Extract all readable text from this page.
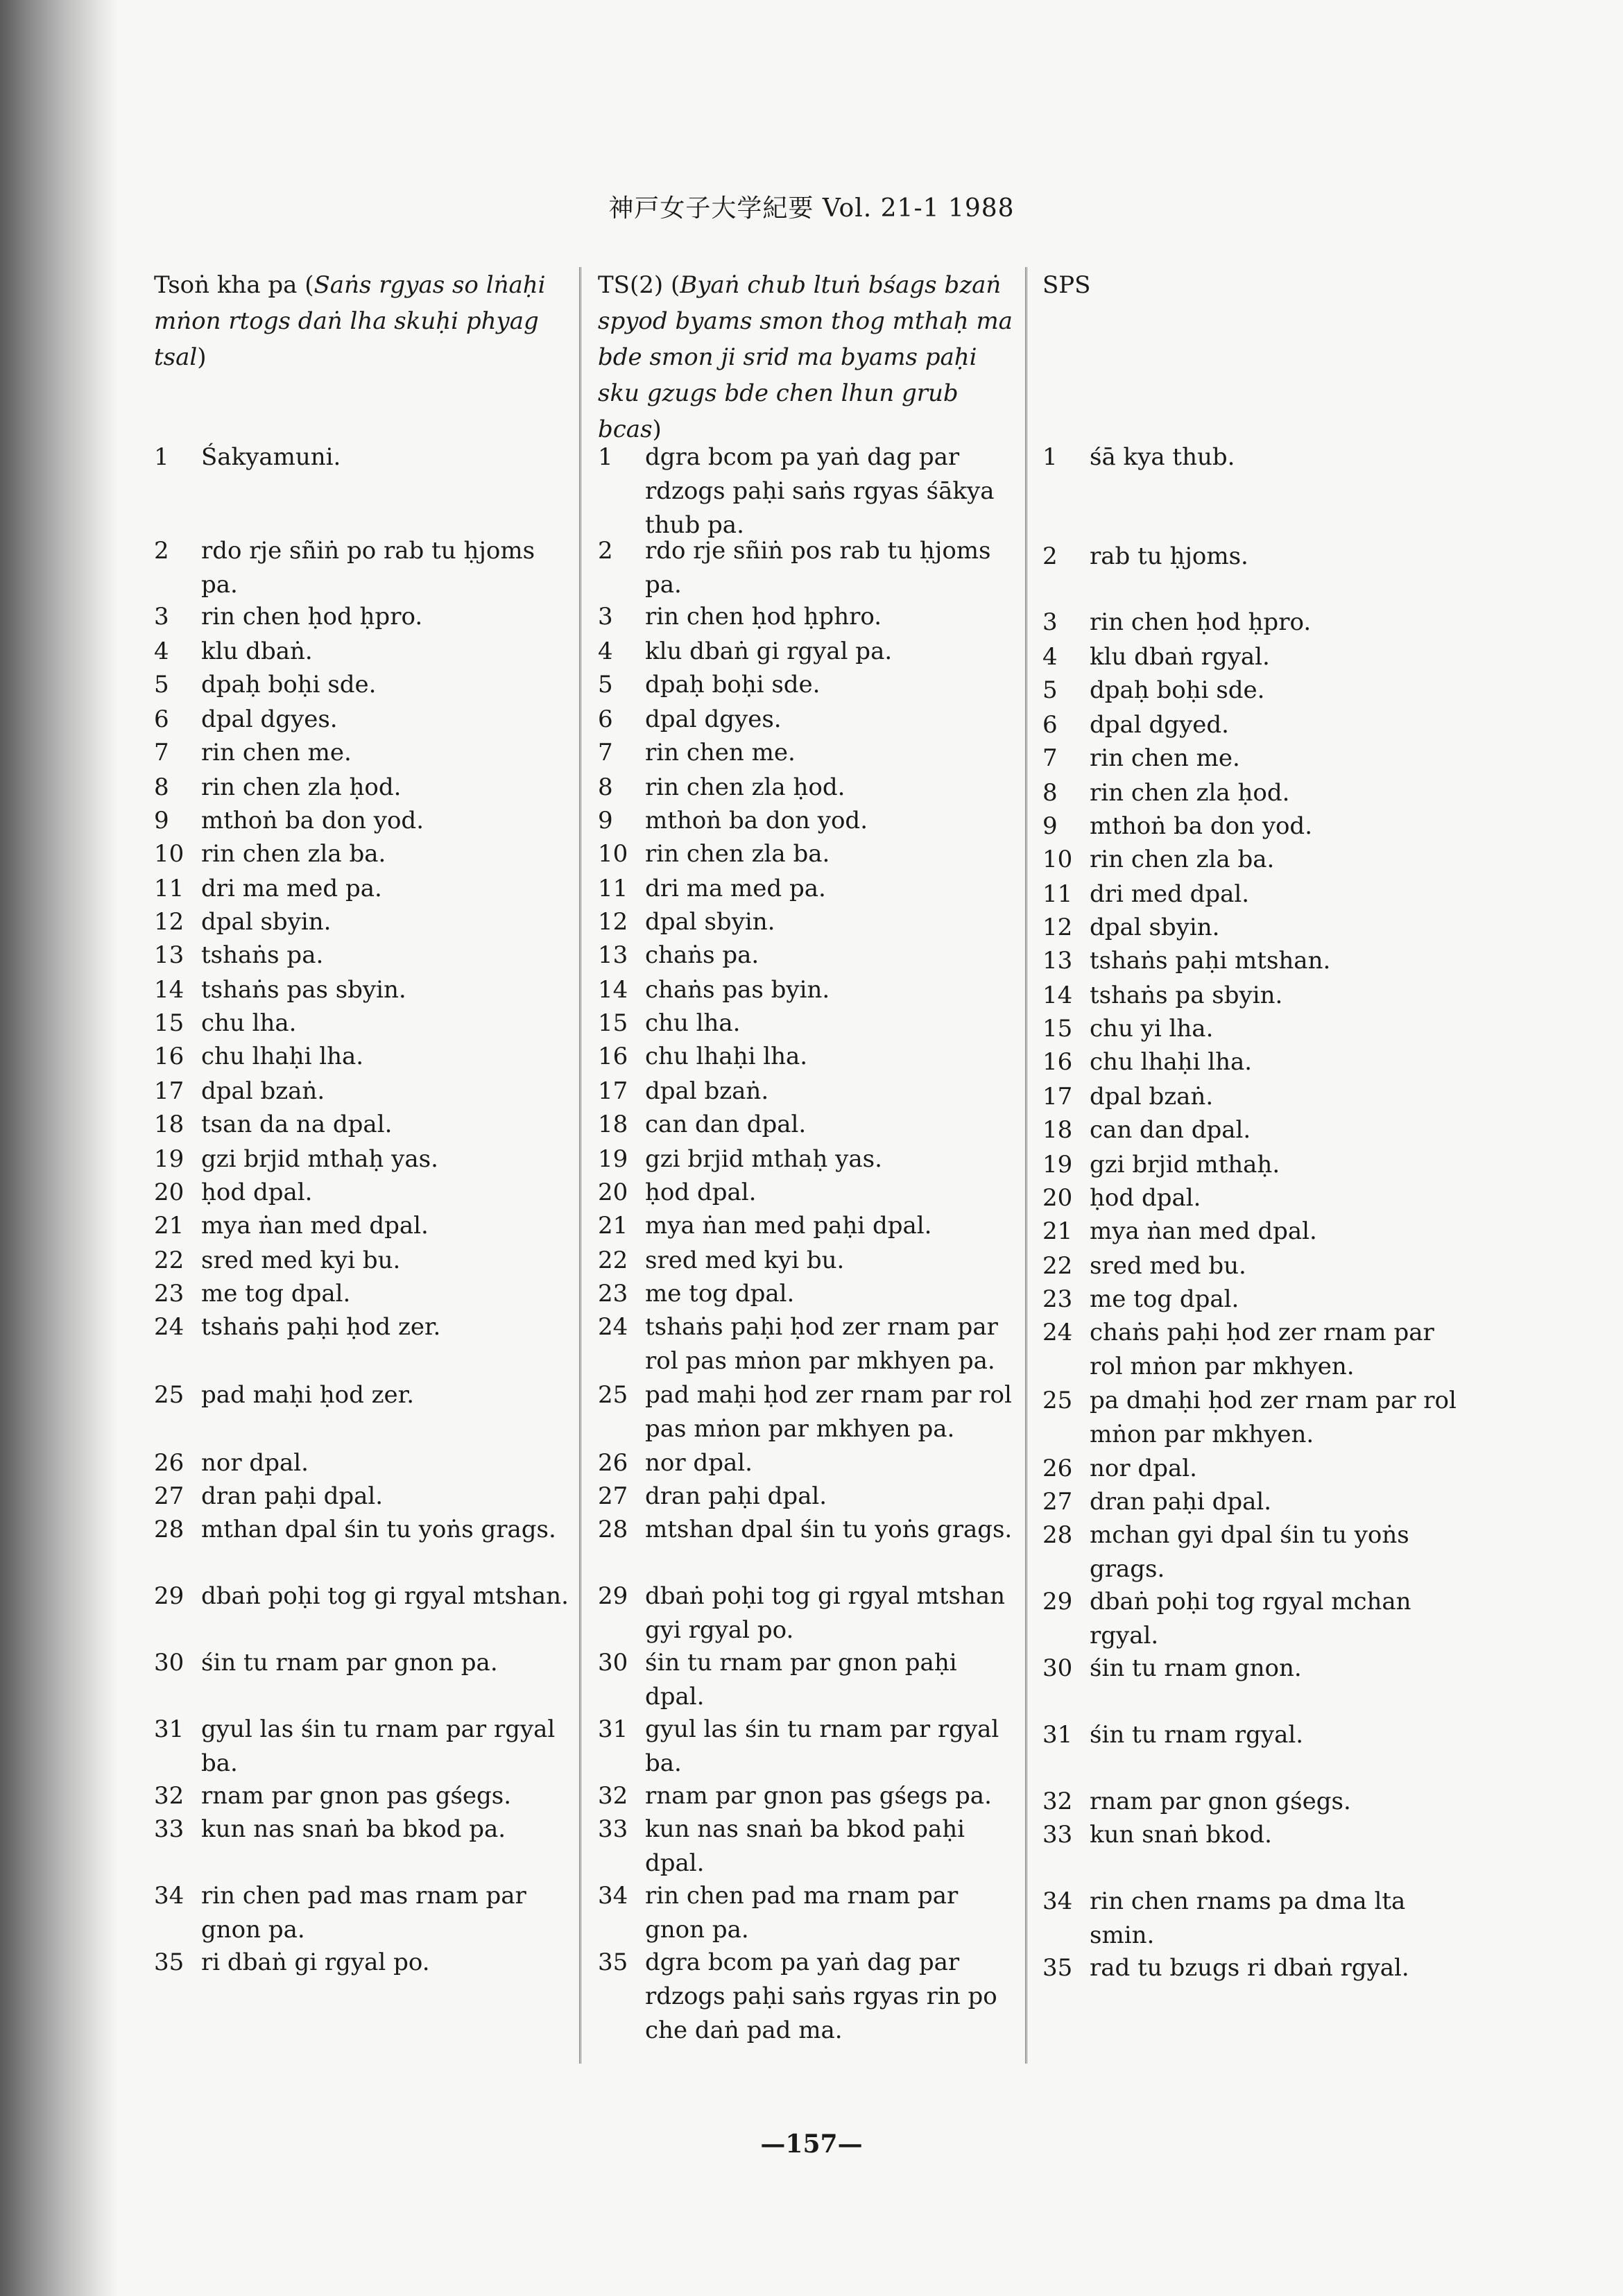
神戸女子大学紀要 Vol. 21-1 1988

Tsoṅ kha pa (Saṅs rgyas so lṅaḥi mṅon rtogs daṅ lha skuḥi phyag tsal)

1	Śakyamuni.
2	rdo rje sñiṅ po rab tu ḥjoms pa.
3	rin chen ḥod ḥpro.
4	klu dbaṅ.
5	dpaḥ boḥi sde.
6	dpal dgyes.
7	rin chen me.
8	rin chen zla ḥod.
9	mthoṅ ba don yod.
10 rin chen zla ba.
11 dri ma med pa.
12 dpal sbyin.
13 tshaṅs pa.
14 tshaṅs pas sbyin.
15 chu lha.
16 chu lhaḥi lha.
17 dpal bzaṅ.
18 tsan da na dpal.
19 gzi brjid mthaḥ yas.
20 ḥod dpal.
21 mya ṅan med dpal.
22 sred med kyi bu.
23 me tog dpal.
24 tshaṅs paḥi ḥod zer.
25 pad maḥi ḥod zer.
26 nor dpal.
27 dran paḥi dpal.
28 mthan dpal śin tu yoṅs grags.
29 dbaṅ poḥi tog gi rgyal mtshan.
30 śin tu rnam par gnon pa.
31 gyul las śin tu rnam par rgyal ba.
32 rnam par gnon pas gśegs.
33 kun nas snaṅ ba bkod pa.
34 rin chen pad mas rnam par gnon pa.
35 ri dbaṅ gi rgyal po.

TS(2) (Byaṅ chub ltuṅ bśags bzaṅ spyod byams smon thog mthaḥ ma bde smon ji srid ma byams paḥi sku gzugs bde chen lhun grub bcas)

1	dgra bcom pa yaṅ dag par rdzogs paḥi saṅs rgyas śākya thub pa.
2	rdo rje sñiṅ pos rab tu ḥjoms pa.
3	rin chen ḥod ḥphro.
4	klu dbaṅ gi rgyal pa.
5	dpaḥ boḥi sde.
6	dpal dgyes.
7	rin chen me.
8	rin chen zla ḥod.
9	mthoṅ ba don yod.
10 rin chen zla ba.
11 dri ma med pa.
12 dpal sbyin.
13 chaṅs pa.
14 chaṅs pas byin.
15 chu lha.
16 chu lhaḥi lha.
17 dpal bzaṅ.
18 can dan dpal.
19 gzi brjid mthaḥ yas.
20 ḥod dpal.
21 mya ṅan med paḥi dpal.
22 sred med kyi bu.
23 me tog dpal.
24 tshaṅs paḥi ḥod zer rnam par rol pas mṅon par mkhyen pa.
25 pad maḥi ḥod zer rnam par rol pas mṅon par mkhyen pa.
26 nor dpal.
27 dran paḥi dpal.
28 mtshan dpal śin tu yoṅs grags.
29 dbaṅ poḥi tog gi rgyal mtshan gyi rgyal po.
30 śin tu rnam par gnon paḥi dpal.
31 gyul las śin tu rnam par rgyal ba.
32 rnam par gnon pas gśegs pa.
33 kun nas snaṅ ba bkod paḥi dpal.
34 rin chen pad ma rnam par gnon pa.
35 dgra bcom pa yaṅ dag par rdzogs paḥi saṅs rgyas rin po che daṅ pad ma.

SPS

1	śā kya thub.
2	rab tu ḥjoms.
3	rin chen ḥod ḥpro.
4	klu dbaṅ rgyal.
5	dpaḥ boḥi sde.
6	dpal dgyed.
7	rin chen me.
8	rin chen zla ḥod.
9	mthoṅ ba don yod.
10 rin chen zla ba.
11 dri med dpal.
12 dpal sbyin.
13 tshaṅs paḥi mtshan.
14 tshaṅs pa sbyin.
15 chu yi lha.
16 chu lhaḥi lha.
17 dpal bzaṅ.
18 can dan dpal.
19 gzi brjid mthaḥ.
20 ḥod dpal.
21 mya ṅan med dpal.
22 sred med bu.
23 me tog dpal.
24 chaṅs paḥi ḥod zer rnam par rol mṅon par mkhyen.
25 pa dmaḥi ḥod zer rnam par rol mṅon par mkhyen.
26 nor dpal.
27 dran paḥi dpal.
28 mchan gyi dpal śin tu yoṅs grags.
29 dbaṅ poḥi tog rgyal mchan rgyal.
30 śin tu rnam gnon.
31 śin tu rnam rgyal.
32 rnam par gnon gśegs.
33 kun snaṅ bkod.
34 rin chen rnams pa dma lta smin.
35 rad tu bzugs ri dbaṅ rgyal.
—157—
